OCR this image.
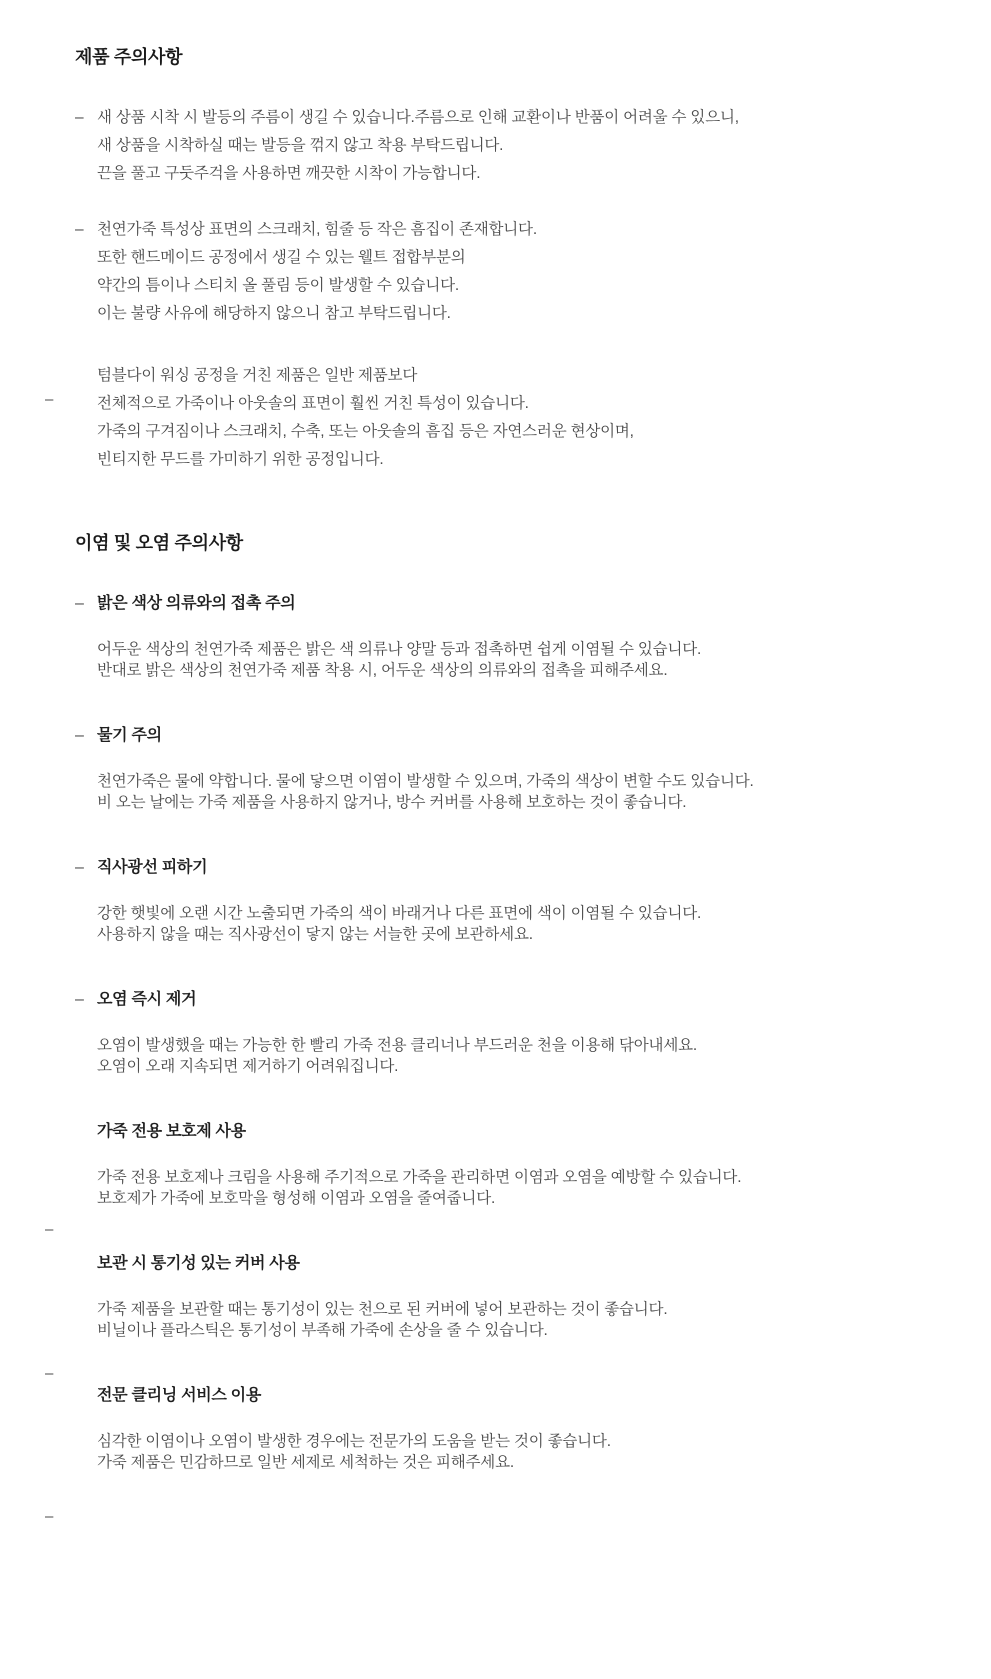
–
–
–
–
제품 주의사항
– 새 상품 시착 시 발등의 주름이 생길 수 있습니다.주름으로 인해 교환이나 반품이 어려울 수 있으니,
새 상품을 시착하실 때는 발등을 꺾지 않고 착용 부탁드립니다.
끈을 풀고 구둣주걱을 사용하면 깨끗한 시착이 가능합니다.
– 천연가죽 특성상 표면의 스크래치, 힘줄 등 작은 흠집이 존재합니다.
또한 핸드메이드 공정에서 생길 수 있는 웰트 접합부분의
약간의 틈이나 스티치 올 풀림 등이 발생할 수 있습니다.
이는 불량 사유에 해당하지 않으니 참고 부탁드립니다.
텀블다이 워싱 공정을 거친 제품은 일반 제품보다
전체적으로 가죽이나 아웃솔의 표면이 훨씬 거친 특성이 있습니다.
가죽의 구겨짐이나 스크래치, 수축, 또는 아웃솔의 흠집 등은 자연스러운 현상이며,
빈티지한 무드를 가미하기 위한 공정입니다.
이염 및 오염 주의사항
– 밝은 색상 의류와의 접촉 주의
어두운 색상의 천연가죽 제품은 밝은 색 의류나 양말 등과 접촉하면 쉽게 이염될 수 있습니다.
반대로 밝은 색상의 천연가죽 제품 착용 시, 어두운 색상의 의류와의 접촉을 피해주세요.
– 물기 주의
천연가죽은 물에 약합니다. 물에 닿으면 이염이 발생할 수 있으며, 가죽의 색상이 변할 수도 있습니다.
비 오는 날에는 가죽 제품을 사용하지 않거나, 방수 커버를 사용해 보호하는 것이 좋습니다.
– 직사광선 피하기
강한 햇빛에 오랜 시간 노출되면 가죽의 색이 바래거나 다른 표면에 색이 이염될 수 있습니다.
사용하지 않을 때는 직사광선이 닿지 않는 서늘한 곳에 보관하세요.
– 오염 즉시 제거
오염이 발생했을 때는 가능한 한 빨리 가죽 전용 클리너나 부드러운 천을 이용해 닦아내세요.
오염이 오래 지속되면 제거하기 어려워집니다.
가죽 전용 보호제 사용
가죽 전용 보호제나 크림을 사용해 주기적으로 가죽을 관리하면 이염과 오염을 예방할 수 있습니다.
보호제가 가죽에 보호막을 형성해 이염과 오염을 줄여줍니다.
보관 시 통기성 있는 커버 사용
가죽 제품을 보관할 때는 통기성이 있는 천으로 된 커버에 넣어 보관하는 것이 좋습니다.
비닐이나 플라스틱은 통기성이 부족해 가죽에 손상을 줄 수 있습니다.
전문 클리닝 서비스 이용
심각한 이염이나 오염이 발생한 경우에는 전문가의 도움을 받는 것이 좋습니다.
가죽 제품은 민감하므로 일반 세제로 세척하는 것은 피해주세요.
